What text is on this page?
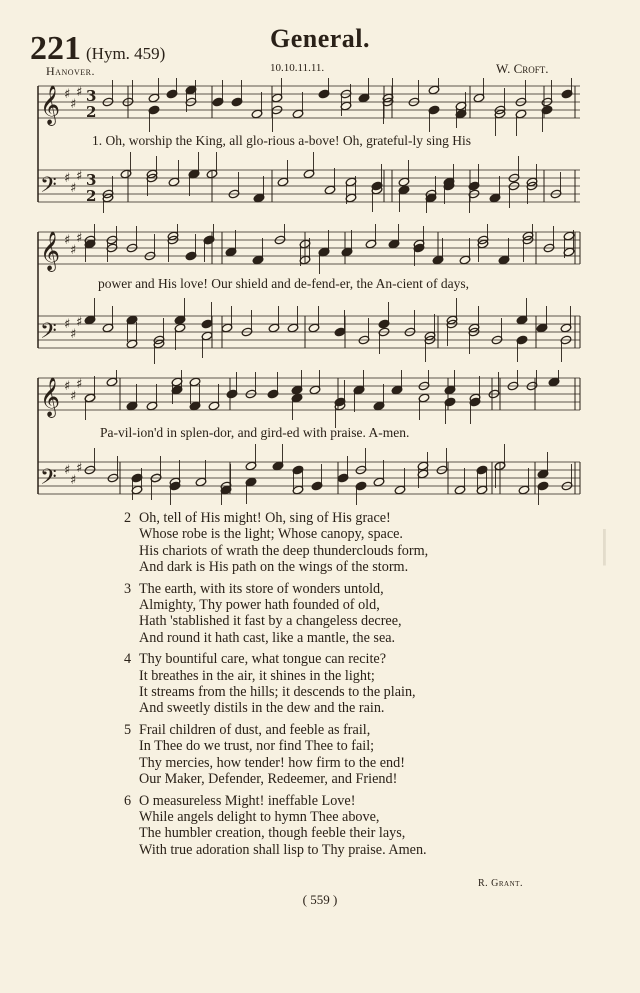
|
General.
221 (Hym. 459)
Hanover.	10.10.11.11.	W. Croft.
𝄞 ♯
♯
♯ 3
2
𝄢 ♯
♯
♯ 3
2
1. Oh, worship the King, all glo-rious a-bove! Oh, grateful-ly sing His
𝄞 ♯
♯
♯
𝄢 ♯
♯
♯
power and His love! Our shield and de-fend-er, the An-cient of days,
𝄞 ♯
♯
♯
𝄢 ♯
♯
♯
Pa-vil-ion'd in splen-dor, and gird-ed with praise. A-men.
2 Oh, tell of His might! Oh, sing of His grace!
Whose robe is the light; Whose canopy, space.
His chariots of wrath the deep thunderclouds form,
And dark is His path on the wings of the storm.
3 The earth, with its store of wonders untold,
Almighty, Thy power hath founded of old,
Hath 'stablished it fast by a changeless decree,
And round it hath cast, like a mantle, the sea.
4 Thy bountiful care, what tongue can recite?
It breathes in the air, it shines in the light;
It streams from the hills; it descends to the plain,
And sweetly distils in the dew and the rain.
5 Frail children of dust, and feeble as frail,
In Thee do we trust, nor find Thee to fail;
Thy mercies, how tender! how firm to the end!
Our Maker, Defender, Redeemer, and Friend!
6 O measureless Might! ineffable Love!
While angels delight to hymn Thee above,
The humbler creation, though feeble their lays,
With true adoration shall lisp to Thy praise. Amen.
R. Grant.
( 559 )
